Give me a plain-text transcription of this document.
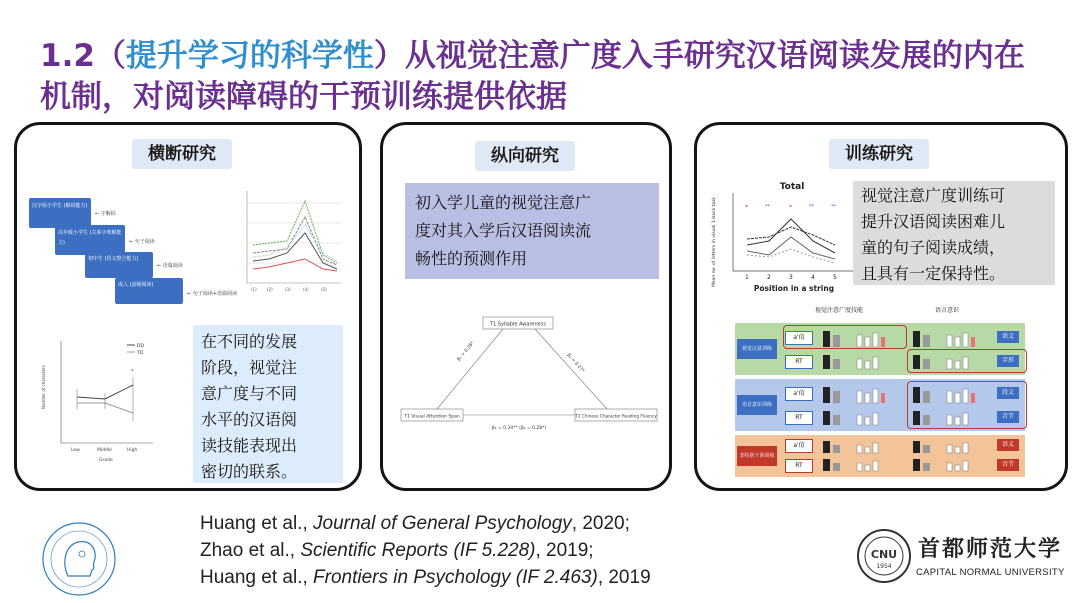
1.2（提升学习的科学性）从视觉注意广度入手研究汉语阅读发展的内在
机制，对阅读障碍的干预训练提供依据
横断研究
汉字组小学生 (解码能力)
← 字解码
高年级小学生 (关系字理解能力)	← 句子阅读
初中生 (语义整合能力)
← 语篇阅读
成人 (流畅阅读)
← 句子阅读+语篇阅读
(1)	(2)	(3)	(4)	(5)
Number of characters	*
Low	Middle	High
Grade
DD
TD
在不同的发展
阶段，视觉注
意广度与不同
水平的汉语阅
读技能表现出
密切的联系。
纵向研究
初入学儿童的视觉注意广
度对其入学后汉语阅读流
畅性的预测作用
T1 Syllable Awareness
T1 Visual Attention Span	T2 Chinese Character Reading Fluency
β₁ = 0.28*
β₂ = 0.27*
β₃ = 0.34** (β₄ = 0.28*)
训练研究
Total
Mean no. of letters in visual 1-back task	*	*
**	**	**
1	2	3	4	5
Position in a string
视觉注意广度训练可
提升汉语阅读困难儿
童的句子阅读成绩，
且具有一定保持性。
视觉注意广度技能	语言意识
视觉注意训练
a'值
RT
语义
字形
语音意识训练
a'值
RT
段义
音节
非特别干预训练
a'值
RT
语义
音节
Huang et al., Journal of General Psychology, 2020;
Zhao et al., Scientific Reports (IF 5.228), 2019;
Huang et al., Frontiers in Psychology (IF 2.463), 2019
CNU
1954
首都师范大学
CAPITAL NORMAL UNIVERSITY
